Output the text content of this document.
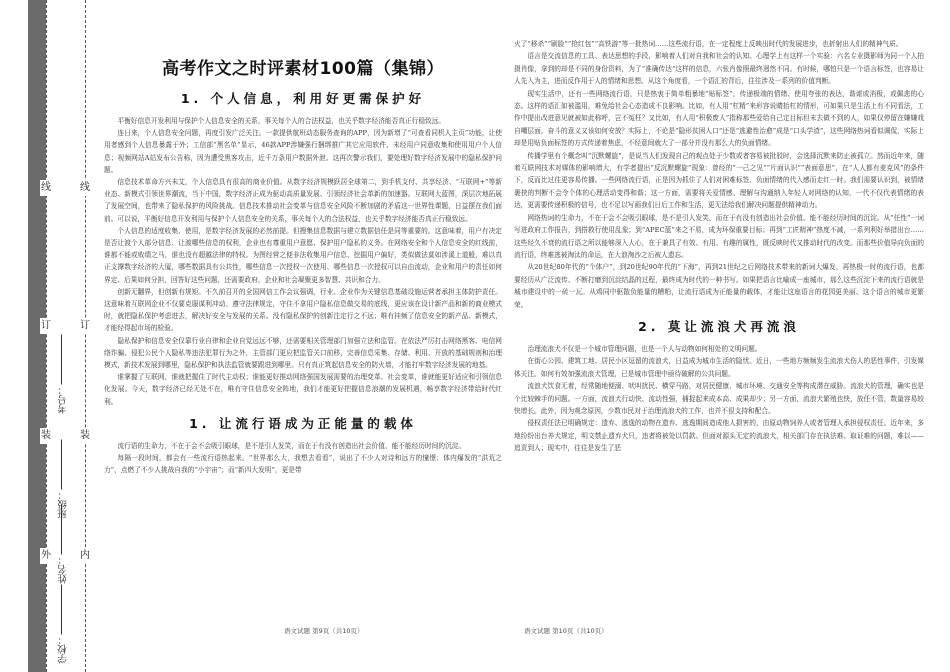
线
订
装
外
线
订
装
内
学校：
姓名：
班级：
考号：
高考作文之时评素材100篇（集锦）
1. 个人信息，利用好更需保护好

平衡好信息开发利用与保护个人信息安全的关系，事关每个人的合法权益，也关乎数字经济能否真正行稳致远。

连日来，个人信息安全问题，再度引发广泛关注。一款提供航班动态服务查询的APP，因为新增了“可查看同机人主页”功能，让使用者感到个人信息暴露于外；工信部“黑名单”显示，46款APP涉嫌强行捆绑推广其它应用软件、未经用户同意收集和使用用户个人信息；视频网站A站发布公告称，因为遭受黑客攻击，近千万条用户数据外泄。这再次警示我们，要处理好数字经济发展中的隐私保护问题。

信息技术革命方兴未艾，个人信息具有很高的商业价值。从数字经济规模跃居全球第二，到手机支付、共享经济、“互联网+”等新业态、新模式引领世界潮流，当下中国，数字经济正成为驱动高质量发展、引领经济社会革新的加速器。互联网大蓝图，深层次地拓展了发展空间，也带来了隐私保护的风险挑战。信息技术推动社会变革与信息安全风险不断加剧的矛盾这一世界性课题，日益摆在我们面前。可以说，平衡好信息开发利用与保护个人信息安全的关系，事关每个人的合法权益，也关乎数字经济能否真正行稳致远。

个人信息的适度收集、使用，是数字经济发展的必然前提。但搜集信息数据与建立数据信任是同等重要的。这意味着，用户有决定是否让渡个人部分信息、让渡哪些信息的权利，企业也有尊重用户意愿、保护用户隐私的义务。在网络安全和个人信息安全的红线前，谁都不能或败绩之马，谁也没有超越法律的特权。为图经营之便非法收集用户信息、挖掘用户偏好，类似做法莫如涉溪上道般，难以真正支撑数字经济的大厦，哪些数据具有公共性，哪些信息一次授权一次使用、哪些信息一次授权可以自由流动，企业和用户的责任如何界定、后果如何分担，回答好这些问题，还需要政府、企业和社会凝聚更多智慧、共识和合力。

创新无翻界，但创新有规矩。不久前召开的全国网信工作会议强调，行业、企业作为关键信息基础设施运营者承担主体防护责任。这意味着互联网企业不仅要克服谋利冲动、遵守法律规定，守住不拿用户隐私信息做交易的底线，更应该在设计新产品和新的商业模式时，就把隐私保护考虑进去，解决好安全与发展的关系。没有隐私保护的创新注定行之不远；唯有挂频了信息安全的新产品、新模式，才能经得起市场的检验。

隐私保护和信息安全仅靠行业自律和企业自觉远远不够，还需要相关管理部门加强立法和监管。在依法严厉打击网络黑客、电信网络诈骗、侵犯公民个人隐私等违法犯罪行为之外，主管部门更应把监管关口前移，完善信息采集、存储、利用、开放的基础规则和治理模式，新技术发展到哪里，隐私保护和执法监管就要跟进到哪里。只有真正筑起信息安全的防火墙，才能打牢数字经济发展的地基。

谁掌握了互联网，谁就把握住了时代主动权；谁能更好推动网络强国发展需要的治理变革、社会变革，谁就能更好适应和引领信息化发展。今天，数字经济已经无处不在，唯有守住信息安全阵地，我们才能更好把握信息浪潮的发展机遇，畅享数字经济带给时代红利。

1. 让流行语成为正能量的载体

流行语的生命力，不在于会不会吸引眼球，是不是引人发笑，而在于有没有创造出社会价值、能不能经历时间的沉淀。

每隔一段时间，都会有一些流行语热起来。“世界那么大，我想去看看”，说出了不少人对诗和远方的憧憬；体内爆发的“洪荒之力”，点燃了不少人挑战自我的“小宇宙”；而“新四大发明”，更是带

语文试题 第9页（共10页）

火了“移杀”“刷脸”“抢红包”“高铁游”等一批热词……这些流行语，在一定程度上反映出时代的发展进步，也折射出人们的精神气质。

语言是交流信息的工具、表达思想的手段，影响着人们对自我和社会的认知。心理学上有这样一个实验：六名专业摄影师为同一个人拍摄肖像，拿到的却是不同的身份资料，为了“准确传达”这样的信息，六张肖像照最终迥然不同。有时候，哪怕只是一个语言标签，也容易让人先入为主，进而反作用于人的情绪和思想。从这个角度看，一个语汇的背后，往往涉及一系列的价值判断。

现实生活中，还有一些网络流行语，只是热衷于简单粗暴地“贴标签”，传递极端的情绪、使用夸张的表达，谐谑或消极，或佩悲的心态。这样的语汇如被滥用，难免给社会心态造成不良影响。比如，有人用“杠精”来形容说睛抬杠的情形，可如果只是生活上有不同看法，工作中提出改进意见就被如此称呼，岂不冤枉？又比如，有人用“积极废人”指称那些爱给自己定目标但未去做不到的人，如果仅停留在嫌嫌戏自嘲层面，奋斗的意义又该如何安放？实际上，不论是“隐形贫困人口”还是“逃避性治愈”成是“口头学渣”，这些网络热词看似调侃，实际上却是用贴负面标签的方式传递着焦虑，不经意间就大了一部分并没有那么大的负面情绪。

传播学里有个概念叫“沉默螺旋”，是说当人们发现自己的观点处于少数或者容易被批驳时，会选择沉默来防止被孤立。然而近年来，随着互联网技术对媒体的影响增大，有学者提出“反沉默螺旋”现象：曾经的“一己之见”“片面认识”“表面意思”，在“人人都有麦克风”的条件下，反而比过往更容易传播。一些网络流行语，正是因为抓住了人们对困难标签、负面情绪的代入感而走红一时。我们需要认识到，被情绪裹挟的判断不会令个体的心理活动变得和谐；这一方面，需要将关爱情感、理解与沟通纳入年轻人对网络的认知，一代不仅代表情绪的表达，更需要传递积极的信号，也不足以写画我们日后工作和生活，更无法给我们解决问题提供精神动力。

网络热词的生命力，不在于会不会吸引眼球，是不是引人发笑，而在于有没有创造出社会价值、能不能经历时间的沉淀。从“任性”一词写进政府工作报告，到搭救行使用乱象；到“APEC蓝”来之不易，成为环保重要目标；再到“工匠精神”热度不减，一系列利好举措出台……这些经久不衰的流行语之所以能够深入人心，在于兼具了有效、有用、有趣的属性，既反映时代又推动时代的改变。而那些价值导向负面的流行语，终难逃被淘汰的命运，在大浪淘沙之后被人遗忘。

从20世纪80年代的“个体户”，到20世纪90年代的“下海”，再到21世纪之后网络技术带来的新词大爆发，再热极一时的流行语，也都要经历从广泛流传、不断打磨到沉淀结晶的过程，最终成为时代的一种书写。如果把语言比喻成一座城市，那么这些沉淀下来的流行语就是城市建设中的一砖一瓦。从鸡同中驱散负能量的糟粕，让流行语成为正能量的载体，才能让这座语言的花园更美丽、这个语言的城市更繁荣。

2. 莫让流浪犬再流浪

治理流浪犬不仅是一个城市管理问题，也是一个人与动物如何相处的文明问题。

在街心公园、建筑工地、居民小区逗留的流浪犬，日益成为城市生活的隐忧。近日，一些地方频频发生流浪犬伤人的恶性事件，引发媒体关注。如何有效加强流浪犬管理，已是城市管理中亟待破解的公共问题。

流浪犬饮食无着，经常随地便溺、吠叫扰民、横穿马路，对居民健康、城市环境、交通安全等构成潜在威胁。流浪犬的管理，确实也是个比较棘手的问题。一方面，流浪犬行动快、流动性强，捕捉起来成本高、成果却少；另一方面，流浪犬繁殖也快，放任不管，数量容易较快增长。此外，因为观念原因，少数市民对于治理流浪犬的工作，也并不很支持和配合。

侵权责任法已明确规定：遗弃、逃逸的动物在遗弃、逃逸期间造成他人损害的，由原动物饲养人或者管理人承担侵权责任。近年来，多地纷纷出台养犬规定，明文禁止遗弃犬只，违者将被处以罚款。但面对源头无定的流浪犬，相关部门存在执法难、取证难的问题，难以——追责到人；现实中，往往是发生了恶

语文试题 第10页（共10页）
